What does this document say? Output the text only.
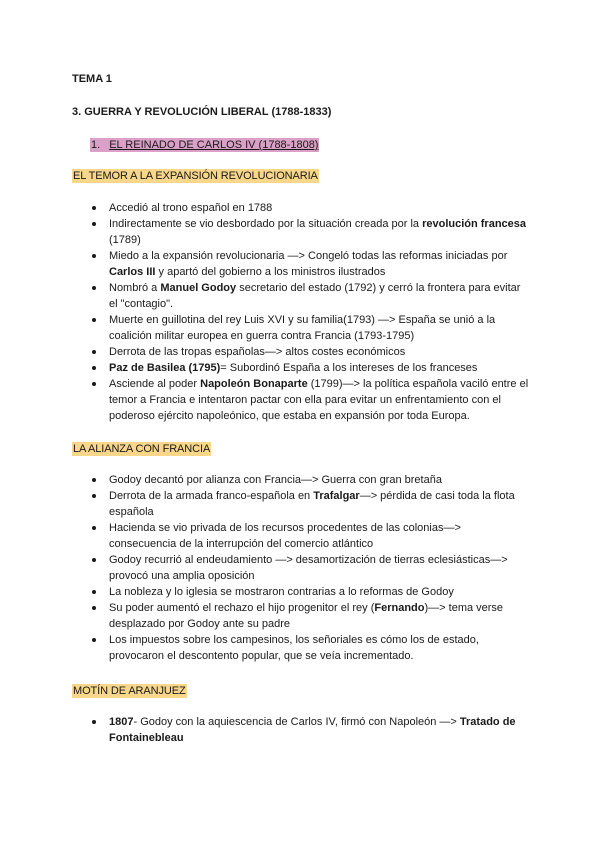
TEMA 1
3. GUERRA Y REVOLUCIÓN LIBERAL (1788-1833)
1. EL REINADO DE CARLOS IV (1788-1808)
EL TEMOR A LA EXPANSIÓN REVOLUCIONARIA
Accedió al trono español en 1788
Indirectamente se vio desbordado por la situación creada por la revolución francesa (1789)
Miedo a la expansión revolucionaria —> Congeló todas las reformas iniciadas por Carlos III y apartó del gobierno a los ministros ilustrados
Nombró a Manuel Godoy secretario del estado (1792) y cerró la frontera para evitar el "contagio".
Muerte en guillotina del rey Luis XVI y su familia(1793) —> España se unió a la coalición militar europea en guerra contra Francia (1793-1795)
Derrota de las tropas españolas—> altos costes económicos
Paz de Basilea (1795)= Subordinó España a los intereses de los franceses
Asciende al poder Napoleón Bonaparte (1799)—> la política española vaciló entre el temor a Francia e intentaron pactar con ella para evitar un enfrentamiento con el poderoso ejército napoleónico, que estaba en expansión por toda Europa.
LA ALIANZA CON FRANCIA
Godoy decantó por alianza con Francia—> Guerra con gran bretaña
Derrota de la armada franco-española en Trafalgar—> pérdida de casi toda la flota española
Hacienda se vio privada de los recursos procedentes de las colonias—> consecuencia de la interrupción del comercio atlántico
Godoy recurrió al endeudamiento —> desamortización de tierras eclesiásticas—> provocó una amplia oposición
La nobleza y lo iglesia se mostraron contrarias a lo reformas de Godoy
Su poder aumentó el rechazo el hijo progenitor el rey (Fernando)—> tema verse desplazado por Godoy ante su padre
Los impuestos sobre los campesinos, los señoriales es cómo los de estado, provocaron el descontento popular, que se veía incrementado.
MOTÍN DE ARANJUEZ
1807- Godoy con la aquiescencia de Carlos IV, firmó con Napoleón —> Tratado de Fontainebleau
